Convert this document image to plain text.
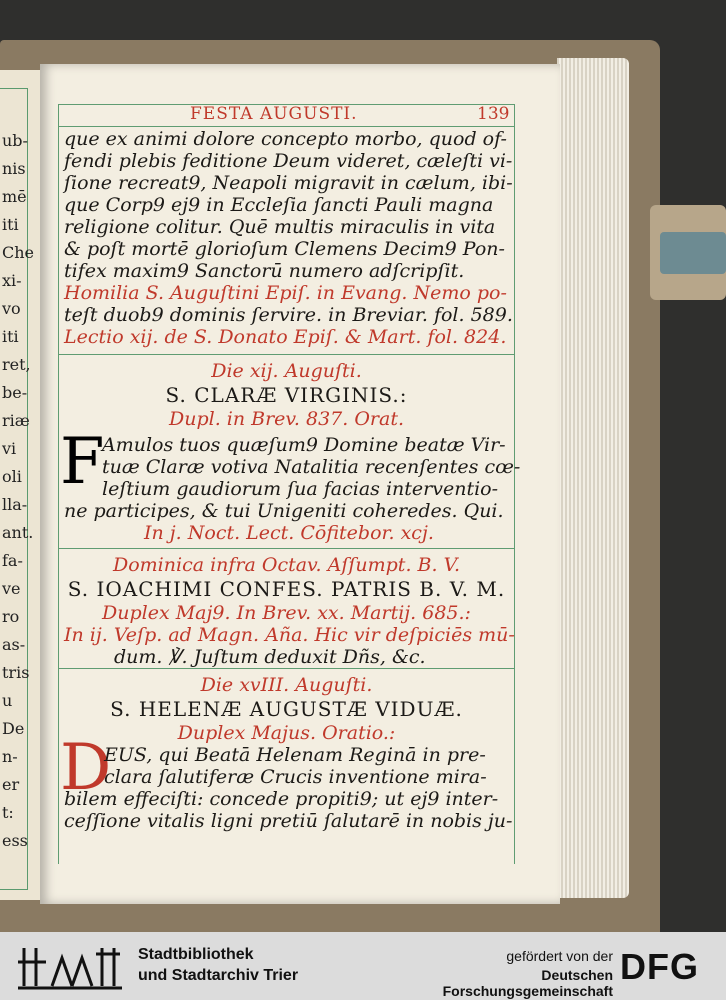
ub-
nis
mē
iti
Che
xi-
vo
iti
ret,
be-
riæ
vi
oli
lla-
ant.
fa-
ve
ro
as-
tris
u
De
n-
er
t:
ess
FESTA AUGUSTI.	139
que ex animi dolore concepto morbo, quod of-
fendi plebis feditione Deum videret, cæleſti vi-
ſione recreat9, Neapoli migravit in cælum, ibi-
que Corp9 ej9 in Eccleſia ſancti Pauli magna
religione colitur. Quē multis miraculis in vita
& poſt mortē glorioſum Clemens Decim9 Pon-
tifex maxim9 Sanctorū numero adſcripſit.
Homilia S. Auguſtini Epiſ. in Evang. Nemo po-
teſt duob9 dominis ſervire. in Breviar. fol. 589.
Lectio xij. de S. Donato Epiſ. & Mart. fol. 824.
Die xij. Auguſti.
S. CLARÆ VIRGINIS.:
Dupl. in Brev. 837. Orat.
F
Amulos tuos quæſum9 Domine beatæ Vir-
tuæ Claræ votiva Natalitia recenſentes cœ-
leſtium gaudiorum ſua facias interventio-
ne participes, & tui Unigeniti coheredes. Qui.
In j. Noct. Lect. Cōfitebor. xcj.
Dominica infra Octav. Aſſumpt. B. V.
S. IOACHIMI CONFES. PATRIS B. V. M.
Duplex Maj9. In Brev. xx. Martij. 685.:
In ij. Veſp. ad Magn. Aña. Hic vir deſpiciēs mū-
dum. ℣. Juſtum deduxit Dñs, &c.
Die xvIII. Auguſti.
S. HELENÆ AUGUSTÆ VIDUÆ.
Duplex Majus. Oratio.:
D
EUS, qui Beatā Helenam Reginā in pre-
clara ſalutiferæ Crucis inventione mira-
bilem effeciſti: concede propiti9; ut ej9 inter-
ceſſione vitalis ligni pretiū ſalutarē in nobis ju-
Stadtbibliothek
und Stadtarchiv Trier
gefördert von der
Deutschen Forschungsgemeinschaft
DFG
